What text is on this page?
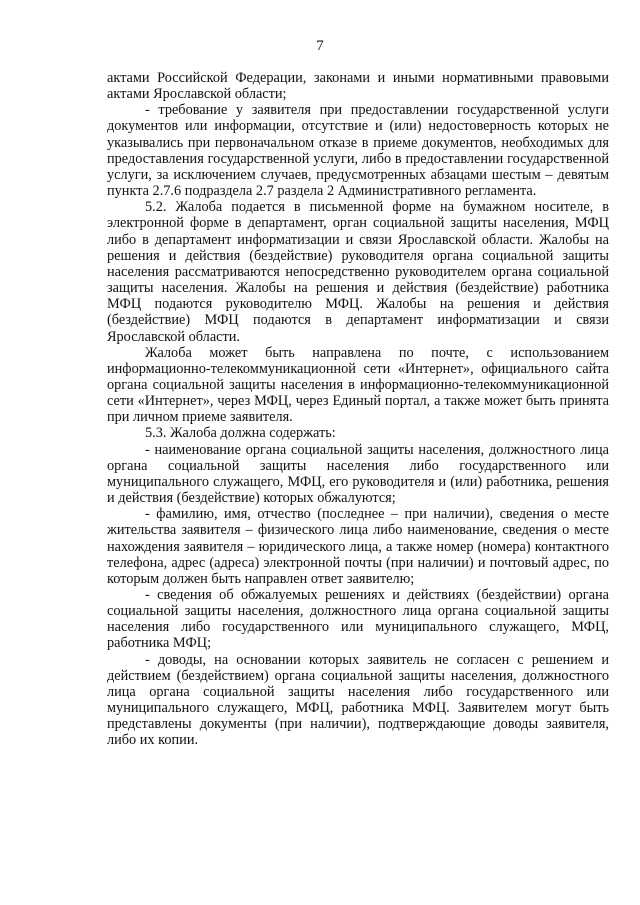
7

актами Российской Федерации, законами и иными нормативными правовыми актами Ярославской области;

- требование у заявителя при предоставлении государственной услуги документов или информации, отсутствие и (или) недостоверность которых не указывались при первоначальном отказе в приеме документов, необходимых для предоставления государственной услуги, либо в предоставлении государственной услуги, за исключением случаев, предусмотренных абзацами шестым – девятым пункта 2.7.6 подраздела 2.7 раздела 2 Административного регламента.

5.2. Жалоба подается в письменной форме на бумажном носителе, в электронной форме в департамент, орган социальной защиты населения, МФЦ либо в департамент информатизации и связи Ярославской области. Жалобы на решения и действия (бездействие) руководителя органа социальной защиты населения рассматриваются непосредственно руководителем органа социальной защиты населения. Жалобы на решения и действия (бездействие) работника МФЦ подаются руководителю МФЦ. Жалобы на решения и действия (бездействие) МФЦ подаются в департамент информатизации и связи Ярославской области.

Жалоба может быть направлена по почте, с использованием информационно-телекоммуникационной сети «Интернет», официального сайта органа социальной защиты населения в информационно-телекоммуникационной сети «Интернет», через МФЦ, через Единый портал, а также может быть принята при личном приеме заявителя.

5.3. Жалоба должна содержать:

- наименование органа социальной защиты населения, должностного лица органа социальной защиты населения либо государственного или муниципального служащего, МФЦ, его руководителя и (или) работника, решения и действия (бездействие) которых обжалуются;

- фамилию, имя, отчество (последнее – при наличии), сведения о месте жительства заявителя – физического лица либо наименование, сведения о месте нахождения заявителя – юридического лица, а также номер (номера) контактного телефона, адрес (адреса) электронной почты (при наличии) и почтовый адрес, по которым должен быть направлен ответ заявителю;

- сведения об обжалуемых решениях и действиях (бездействии) органа социальной защиты населения, должностного лица органа социальной защиты населения либо государственного или муниципального служащего, МФЦ, работника МФЦ;

- доводы, на основании которых заявитель не согласен с решением и действием (бездействием) органа социальной защиты населения, должностного лица органа социальной защиты населения либо государственного или муниципального служащего, МФЦ, работника МФЦ. Заявителем могут быть представлены документы (при наличии), подтверждающие доводы заявителя, либо их копии.
